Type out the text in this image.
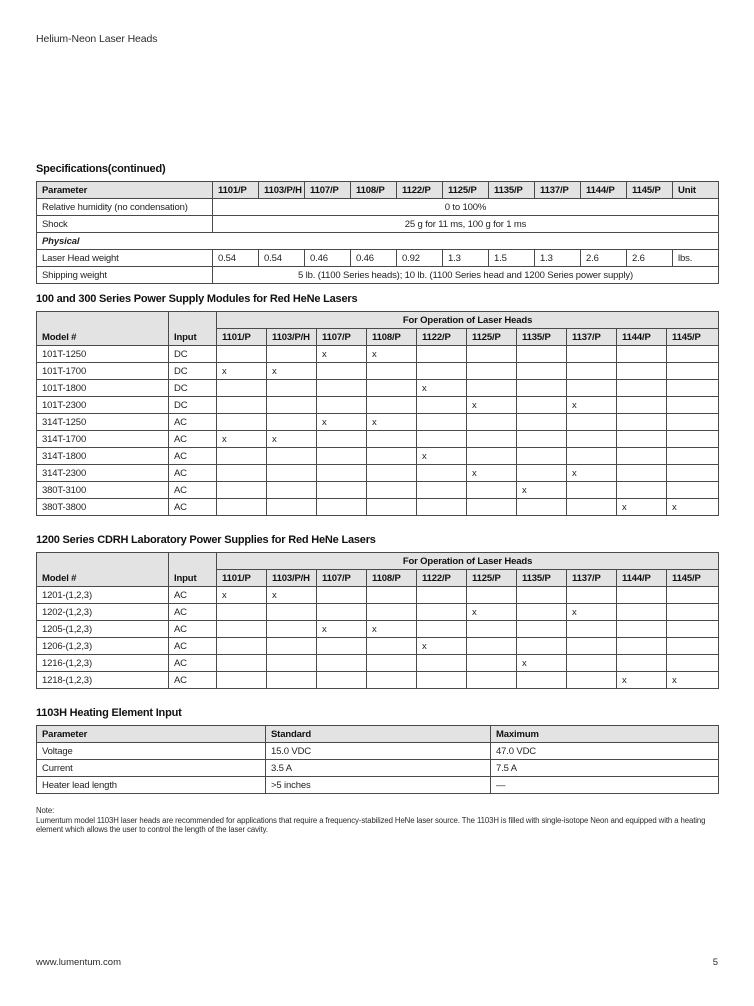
Helium-Neon Laser Heads
Specifications(continued)
Parameter	1101/P	1103/P/H	1107/P	1108/P	1122/P	1125/P	1135/P	1137/P	1144/P	1145/P	Unit
Relative humidity (no condensation)	0 to 100%										
Shock	25 g for 11 ms, 100 g for 1 ms										
Physical											
Laser Head weight	0.54	0.54	0.46	0.46	0.92	1.3	1.5	1.3	2.6	2.6	lbs.
Shipping weight	5 lb. (1100 Series heads); 10 lb. (1100 Series head and 1200 Series power supply)										
100 and 300 Series Power Supply Modules for Red HeNe Lasers
Model #	Input	For Operation of Laser Heads									
		1101/P	1103/P/H	1107/P	1108/P	1122/P	1125/P	1135/P	1137/P	1144/P	1145/P
101T-1250	DC			x	x						
101T-1700	DC	x	x								
101T-1800	DC					x					
101T-2300	DC						x		x		
314T-1250	AC			x	x						
314T-1700	AC	x	x								
314T-1800	AC					x					
314T-2300	AC						x		x		
380T-3100	AC							x			
380T-3800	AC									x	x
1200 Series CDRH Laboratory Power Supplies for Red HeNe Lasers
Model #	Input	For Operation of Laser Heads									
		1101/P	1103/P/H	1107/P	1108/P	1122/P	1125/P	1135/P	1137/P	1144/P	1145/P
1201-(1,2,3)	AC	x	x								
1202-(1,2,3)	AC						x		x		
1205-(1,2,3)	AC			x	x						
1206-(1,2,3)	AC					x					
1216-(1,2,3)	AC							x			
1218-(1,2,3)	AC									x	x
1103H Heating Element Input
Parameter	Standard	Maximum
Voltage	15.0 VDC	47.0 VDC
Current	3.5 A	7.5 A
Heater lead length	>5 inches	—
Note:
Lumentum model 1103H laser heads are recommended for applications that require a frequency-stabilized HeNe laser source. The 1103H is filled with single-isotope Neon and equipped with a heating element which allows the user to control the length of the laser cavity.
www.lumentum.com	5
